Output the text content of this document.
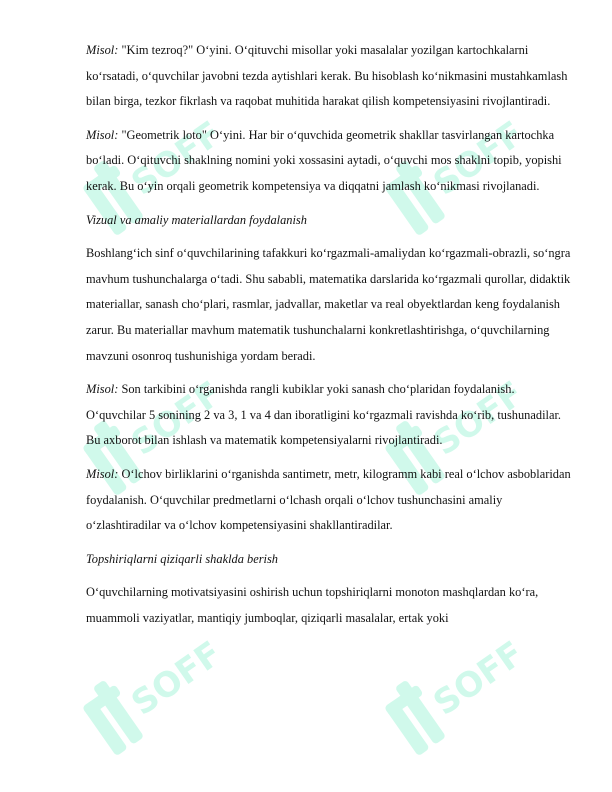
SOFF	SOFF
SOFF	SOFF
SOFF	SOFF

Misol: "Kim tezroq?" O‘yini. O‘qituvchi misollar yoki masalalar yozilgan kartochkalarni ko‘rsatadi, o‘quvchilar javobni tezda aytishlari kerak. Bu hisoblash ko‘nikmasini mustahkamlash bilan birga, tezkor fikrlash va raqobat muhitida harakat qilish kompetensiyasini rivojlantiradi.

Misol: "Geometrik loto" O‘yini. Har bir o‘quvchida geometrik shakllar tasvirlangan kartochka bo‘ladi. O‘qituvchi shaklning nomini yoki xossasini aytadi, o‘quvchi mos shaklni topib, yopishi kerak. Bu o‘yin orqali geometrik kompetensiya va diqqatni jamlash ko‘nikmasi rivojlanadi.

Vizual va amaliy materiallardan foydalanish

Boshlang‘ich sinf o‘quvchilarining tafakkuri ko‘rgazmali-amaliydan ko‘rgazmali-obrazli, so‘ngra mavhum tushunchalarga o‘tadi. Shu sababli, matematika darslarida ko‘rgazmali qurollar, didaktik materiallar, sanash cho‘plari, rasmlar, jadvallar, maketlar va real obyektlardan keng foydalanish zarur. Bu materiallar mavhum matematik tushunchalarni konkretlashtirishga, o‘quvchilarning mavzuni osonroq tushunishiga yordam beradi.

Misol: Son tarkibini o‘rganishda rangli kubiklar yoki sanash cho‘plaridan foydalanish. O‘quvchilar 5 sonining 2 va 3, 1 va 4 dan iboratligini ko‘rgazmali ravishda ko‘rib, tushunadilar. Bu axborot bilan ishlash va matematik kompetensiyalarni rivojlantiradi.

Misol: O‘lchov birliklarini o‘rganishda santimetr, metr, kilogramm kabi real o‘lchov asboblaridan foydalanish. O‘quvchilar predmetlarni o‘lchash orqali o‘lchov tushunchasini amaliy o‘zlashtiradilar va o‘lchov kompetensiyasini shakllantiradilar.

Topshiriqlarni qiziqarli shaklda berish

O‘quvchilarning motivatsiyasini oshirish uchun topshiriqlarni monoton mashqlardan ko‘ra, muammoli vaziyatlar, mantiqiy jumboqlar, qiziqarli masalalar, ertak yoki
